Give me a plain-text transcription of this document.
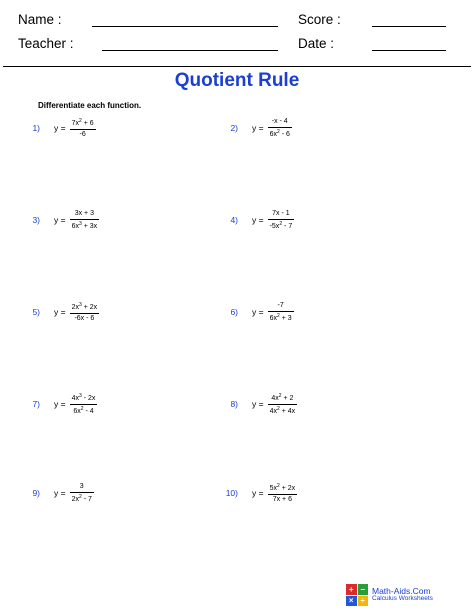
Name :	Score :
Teacher :	Date :
Quotient Rule
Differentiate each function.
1) $y = \frac{7x^2 + 6}{-6}$	2) $y = \frac{-x - 4}{6x^2 - 6}$
3) $y = \frac{3x + 3}{6x^3 + 3x}$	4) $y = \frac{7x - 1}{-5x^2 - 7}$
5) $y = \frac{2x^3 + 2x}{-6x - 6}$	6) $y = \frac{-7}{6x^2 + 3}$
7) $y = \frac{4x^3 - 2x}{6x^2 - 4}$	8) $y = \frac{4x^2 + 2}{4x^2 + 4x}$
9) $y = \frac{3}{2x^2 - 7}$	10) $y = \frac{5x^2 + 2x}{7x + 6}$
+ −
× ÷
Math-Aids.Com
Calculus Worksheets
